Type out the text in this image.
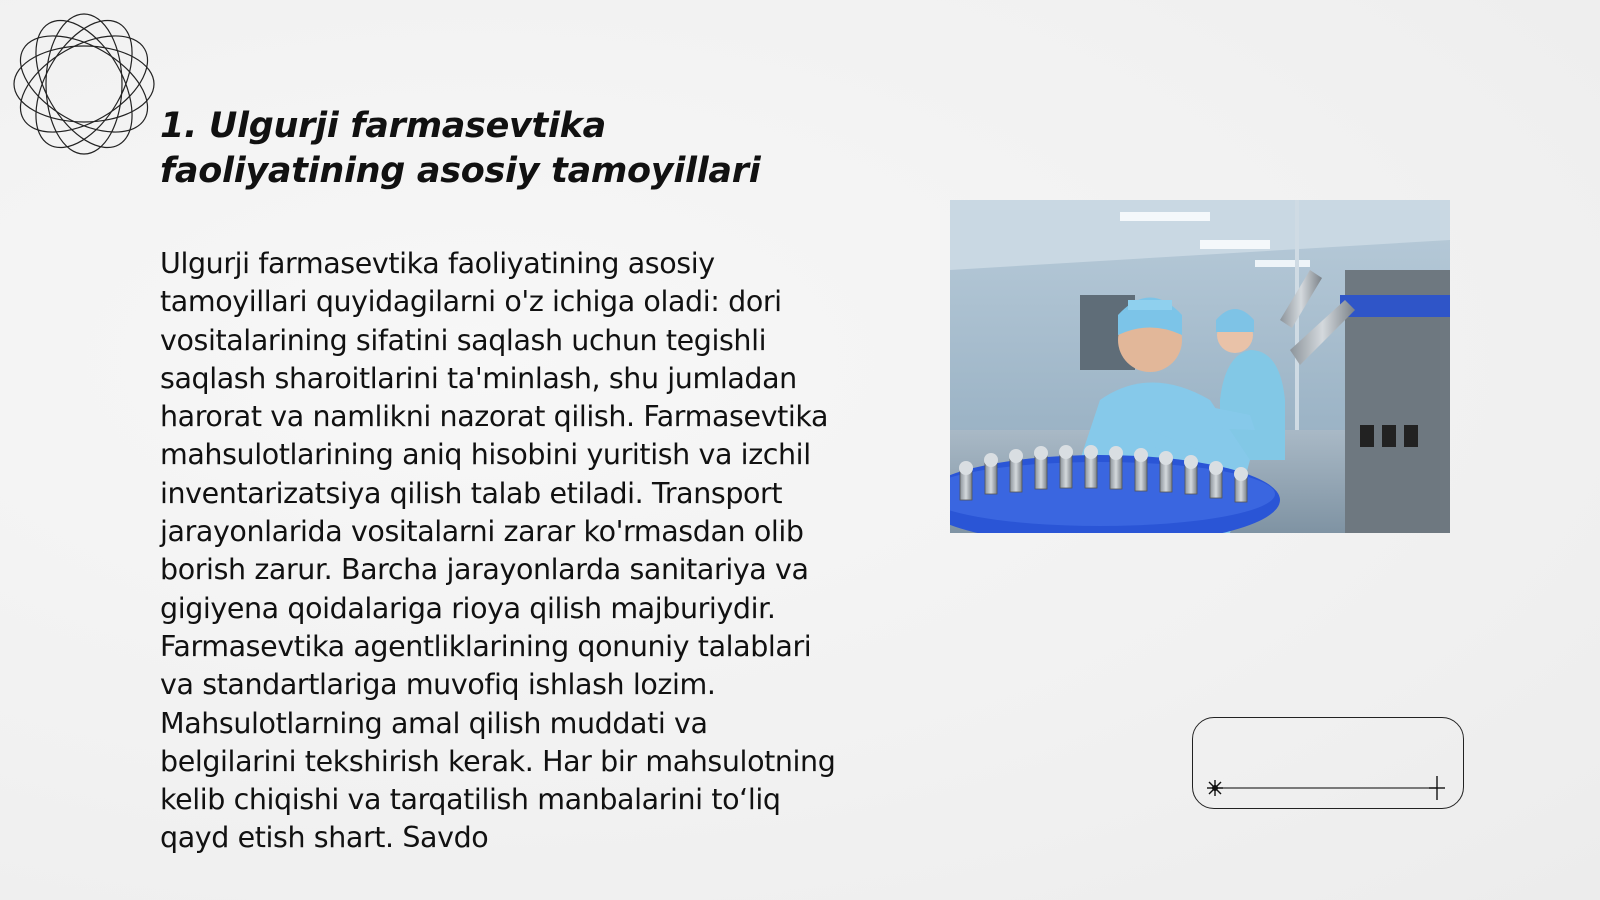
1. Ulgurji farmasevtika faoliyatining asosiy tamoyillari

Ulgurji farmasevtika faoliyatining asosiy tamoyillari quyidagilarni o'z ichiga oladi: dori vositalarining sifatini saqlash uchun tegishli saqlash sharoitlarini ta'minlash, shu jumladan harorat va namlikni nazorat qilish. Farmasevtika mahsulotlarining aniq hisobini yuritish va izchil inventarizatsiya qilish talab etiladi. Transport jarayonlarida vositalarni zarar ko'rmasdan olib borish zarur. Barcha jarayonlarda sanitariya va gigiyena qoidalariga rioya qilish majburiydir. Farmasevtika agentliklarining qonuniy talablari va standartlariga muvofiq ishlash lozim. Mahsulotlarning amal qilish muddati va belgilarini tekshirish kerak. Har bir mahsulotning kelib chiqishi va tarqatilish manbalarini to‘liq qayd etish shart. Savdo
